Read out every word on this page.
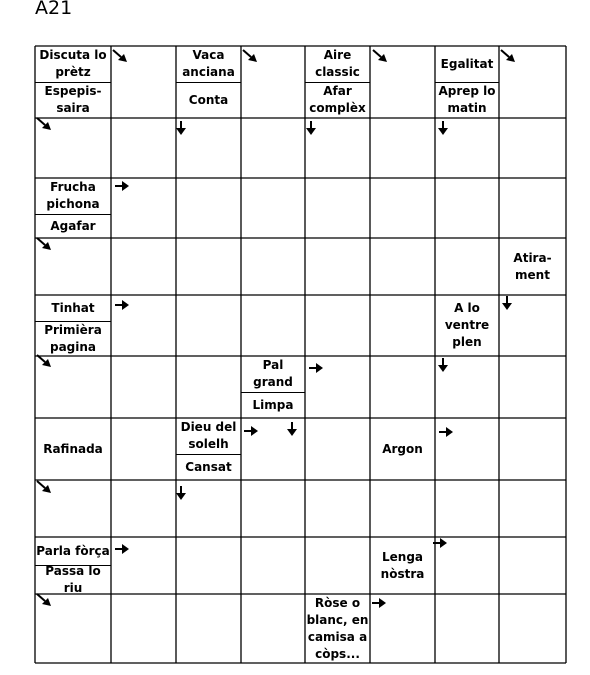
A21
Discuta lo prètz
Espepis-saira
Vaca anciana
Conta
Aire classic
Afar complèx
Egalitat
Aprep lo matin
Frucha pichona
Agafar
Atira-ment
Tinhat
Primièra pagina
A lo ventre plen
Pal grand
Limpa
Rafinada
Dieu del solelh
Cansat
Argon
Parla fòrça
Passa lo riu
Lenga nòstra
Ròse o blanc, en camisa a còps...
